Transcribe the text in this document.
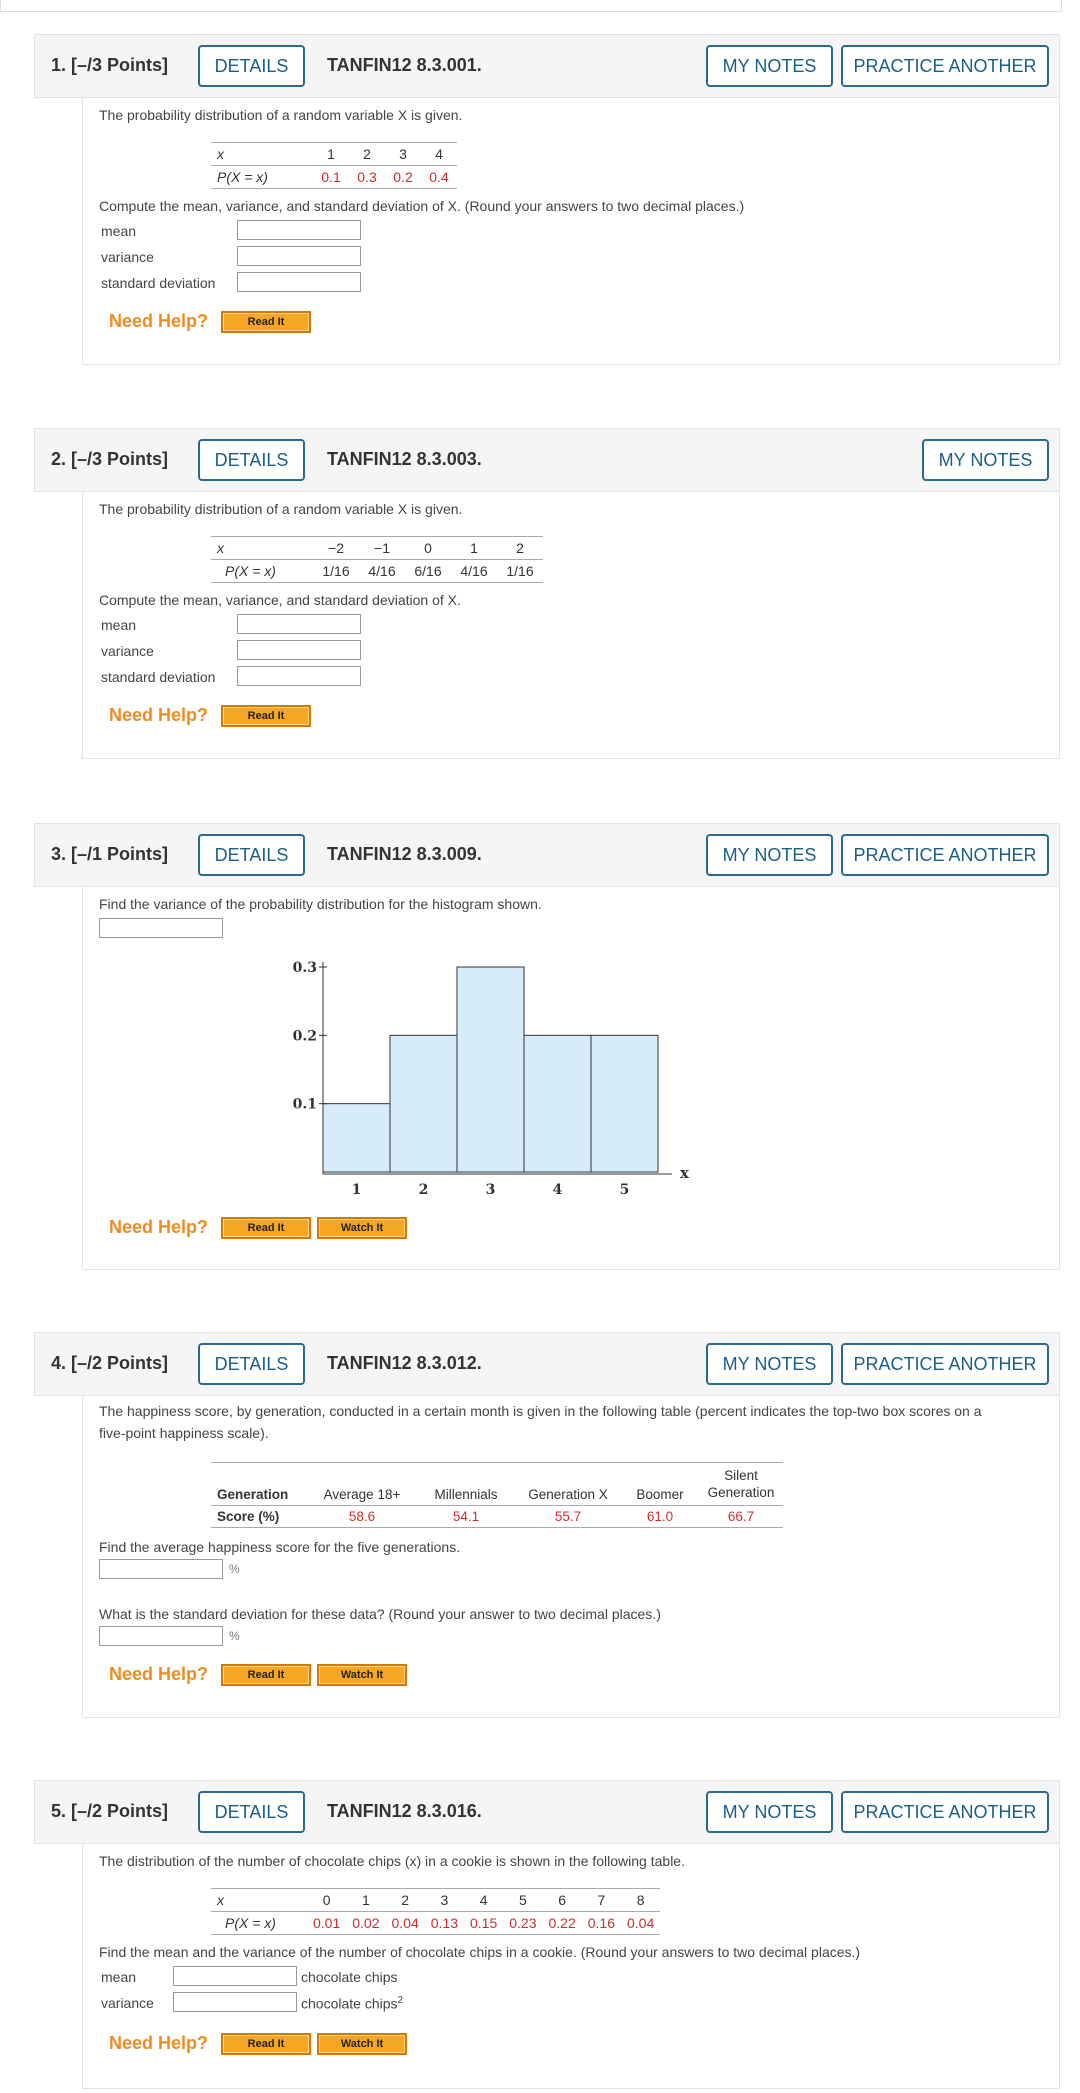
1. [–/3 Points]	DETAILS	TANFIN12 8.3.001.	MY NOTES	PRACTICE ANOTHER
The probability distribution of a random variable X is given.
x		1	2	3	4
P(X = x)		0.1	0.3	0.2	0.4
Compute the mean, variance, and standard deviation of X. (Round your answers to two decimal places.)
mean
variance
standard deviation
Need Help?	Read It
2. [–/3 Points]	DETAILS	TANFIN12 8.3.003.	MY NOTES
The probability distribution of a random variable X is given.
x		−2	−1	0	1	2
P(X = x)		1/16	4/16	6/16	4/16	1/16
Compute the mean, variance, and standard deviation of X.
mean
variance
standard deviation
Need Help?	Read It
3. [–/1 Points]	DETAILS	TANFIN12 8.3.009.	MY NOTES	PRACTICE ANOTHER
Find the variance of the probability distribution for the histogram shown.
0.1
0.2
0.3
1	2	3	4	5
x
Need Help?	Read It	Watch It
4. [–/2 Points]	DETAILS	TANFIN12 8.3.012.	MY NOTES	PRACTICE ANOTHER
The happiness score, by generation, conducted in a certain month is given in the following table (percent indicates the top-two box scores on a
five-point happiness scale).
Generation	Average 18+	Millennials	Generation X	Boomer	Silent
Generation
Score (%)	58.6	54.1	55.7	61.0	66.7
Find the average happiness score for the five generations.
%
What is the standard deviation for these data? (Round your answer to two decimal places.)
%
Need Help?	Read It	Watch It
5. [–/2 Points]	DETAILS	TANFIN12 8.3.016.	MY NOTES	PRACTICE ANOTHER
The distribution of the number of chocolate chips (x) in a cookie is shown in the following table.
x		0	1	2	3	4	5	6	7	8
P(X = x)		0.01	0.02	0.04	0.13	0.15	0.23	0.22	0.16	0.04
Find the mean and the variance of the number of chocolate chips in a cookie. (Round your answers to two decimal places.)
mean	chocolate chips
variance	chocolate chips$^2$
Need Help?	Read It	Watch It
